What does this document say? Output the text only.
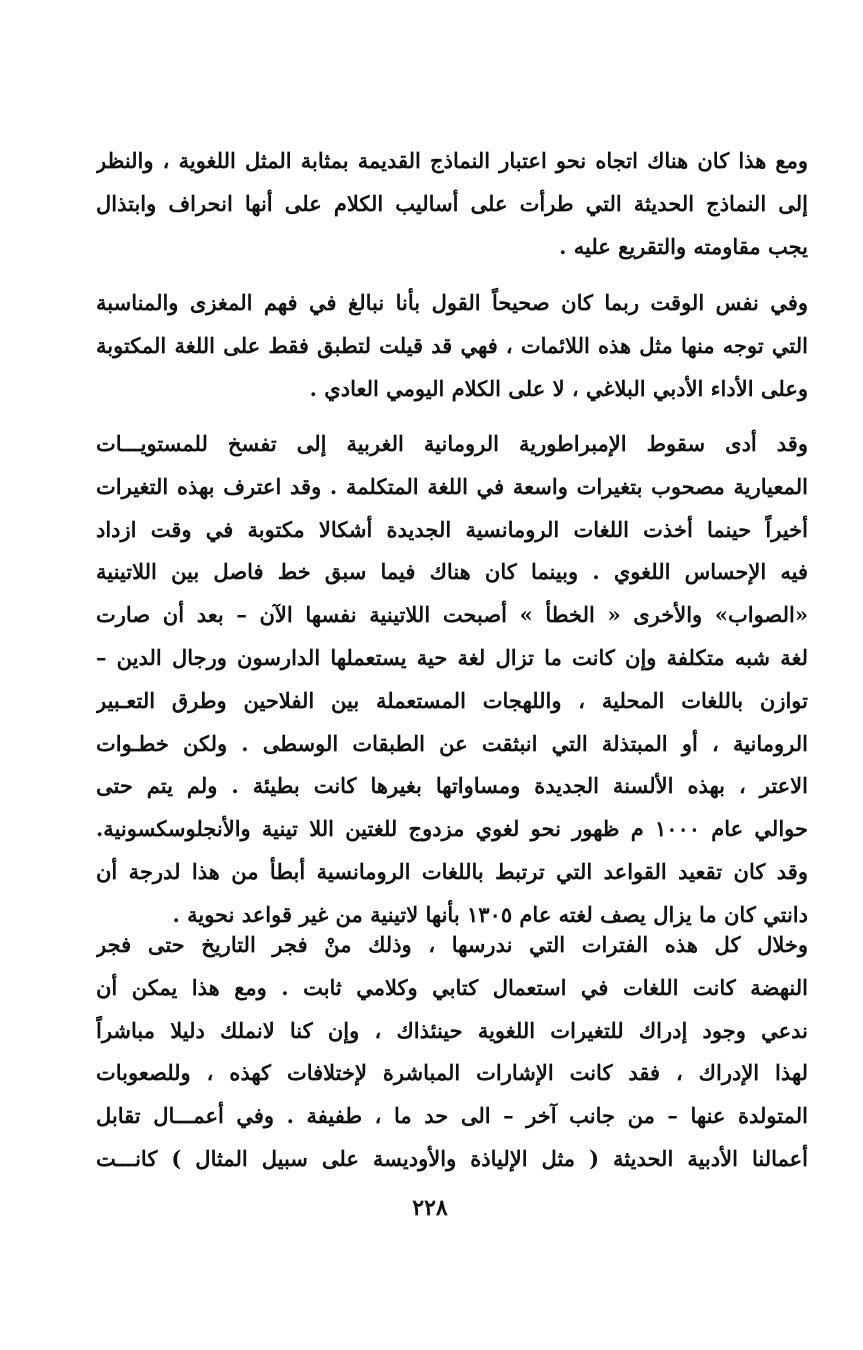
ومع هذا كان هناك اتجاه نحو اعتبار النماذج القديمة بمثابة المثل اللغوية ، والنظر
إلى النماذج الحديثة التي طرأت على أساليب الكلام على أنها انحراف وابتذال
يجب مقاومته والتقريع عليه .
وفي نفس الوقت ربما كان صحيحاً القول بأنا نبالغ في فهم المغزى والمناسبة
التي توجه منها مثل هذه اللائمات ، فهي قد قيلت لتطبق فقط على اللغة المكتوبة
وعلى الأداء الأدبي البلاغي ، لا على الكلام اليومي العادي .
وقد أدى سقوط الإمبراطورية الرومانية الغربية إلى تفسخ للمستويـــات
المعيارية مصحوب بتغيرات واسعة في اللغة المتكلمة . وقد اعترف بهذه التغيرات
أخيراً حينما أخذت اللغات الرومانسية الجديدة أشكالا مكتوبة في وقت ازداد
فيه الإحساس اللغوي . وبينما كان هناك فيما سبق خط فاصل بين اللاتينية
«الصواب» والأخرى « الخطأ » أصبحت اللاتينية نفسها الآن – بعد أن صارت
لغة شبه متكلفة وإن كانت ما تزال لغة حية يستعملها الدارسون ورجال الدين –
توازن باللغات المحلية ، واللهجات المستعملة بين الفلاحين وطرق التعـبير
الرومانية ، أو المبتذلة التي انبثقت عن الطبقات الوسطى . ولكن خطـوات
الاعتر ، بهذه الألسنة الجديدة ومساواتها بغيرها كانت بطيئة . ولم يتم حتى
حوالي عام ١٠٠٠ م ظهور نحو لغوي مزدوج للغتين اللا تينية والأنجلوسكسونية.
وقد كان تقعيد القواعد التي ترتبط باللغات الرومانسية أبطأ من هذا لدرجة أن
دانتي كان ما يزال يصف لغته عام ١٣٠٥ بأنها لاتينية من غير قواعد نحوية .
وخلال كل هذه الفترات التي ندرسها ، وذلك منْ فجر التاريخ حتى فجر
النهضة كانت اللغات في استعمال كتابي وكلامي ثابت . ومع هذا يمكن أن
ندعي وجود إدراك للتغيرات اللغوية حينئذاك ، وإن كنا لانملك دليلا مباشراً
لهذا الإدراك ، فقد كانت الإشارات المباشرة لإختلافات كهذه ، وللصعوبات
المتولدة عنها – من جانب آخر – الى حد ما ، طفيفة . وفي أعمـــال تقابل
أعمالنا الأدبية الحديثة ( مثل الإلياذة والأوديسة على سبيل المثال ) كانـــت
٢٢٨
